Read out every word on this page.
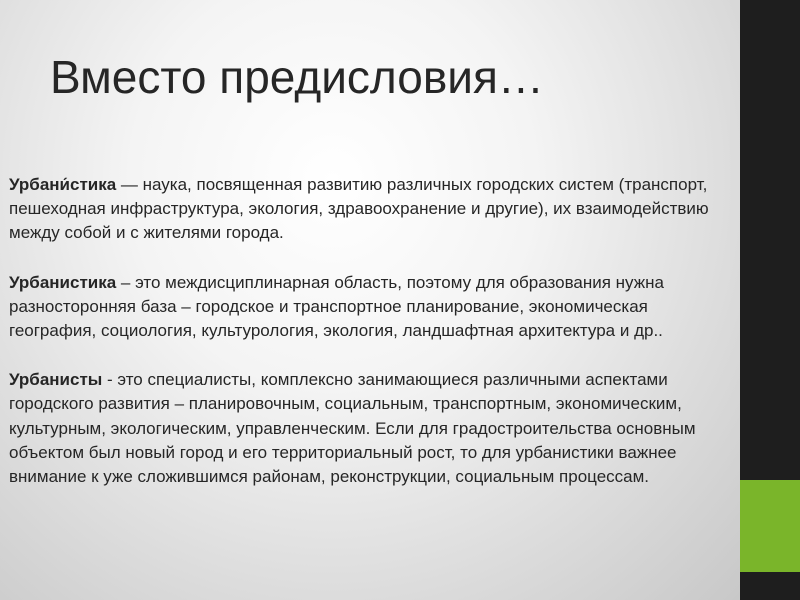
Вместо предисловия…

Урбани́стика — наука, посвященная развитию различных городских систем (транспорт, пешеходная инфраструктура, экология, здравоохранение и другие), их взаимодействию между собой и с жителями города.

Урбанистика – это междисциплинарная область, поэтому для образования нужна разносторонняя база – городское и транспортное планирование, экономическая география, социология, культурология, экология, ландшафтная архитектура и др..

Урбанисты - это специалисты, комплексно занимающиеся различными аспектами городского развития – планировочным, социальным, транспортным, экономическим, культурным, экологическим, управленческим. Если для градостроительства основным объектом был новый город и его территориальный рост, то для урбанистики важнее внимание к уже сложившимся районам, реконструкции, социальным процессам.
